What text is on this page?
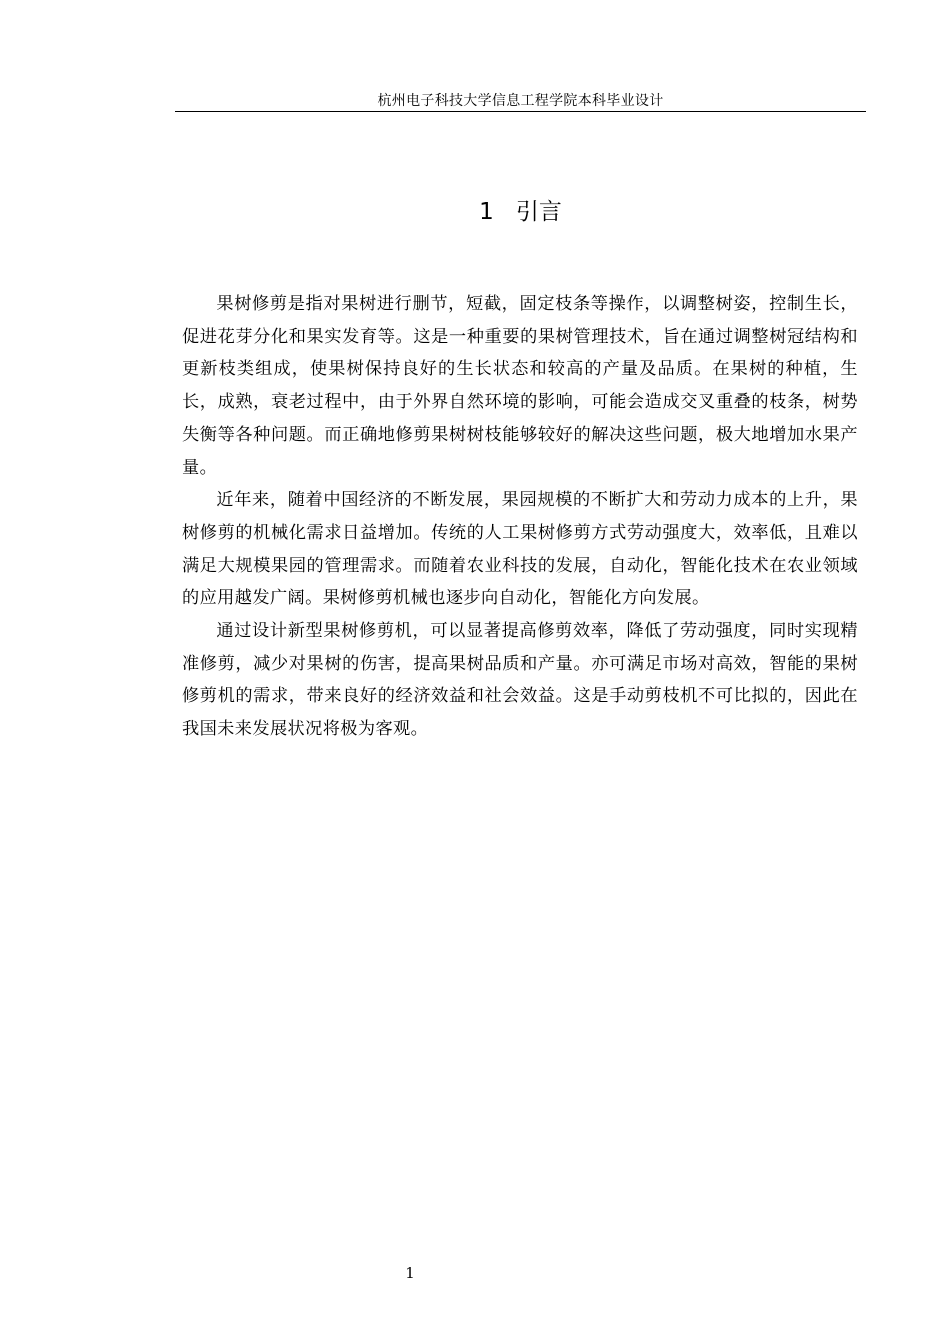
杭州电子科技大学信息工程学院本科毕业设计
1 引言

果树修剪是指对果树进行删节，短截，固定枝条等操作，以调整树姿，控制生长，促进花芽分化和果实发育等。这是一种重要的果树管理技术，旨在通过调整树冠结构和更新枝类组成，使果树保持良好的生长状态和较高的产量及品质。在果树的种植，生长，成熟，衰老过程中，由于外界自然环境的影响，可能会造成交叉重叠的枝条，树势失衡等各种问题。而正确地修剪果树树枝能够较好的解决这些问题，极大地增加水果产量。

近年来，随着中国经济的不断发展，果园规模的不断扩大和劳动力成本的上升，果树修剪的机械化需求日益增加。传统的人工果树修剪方式劳动强度大，效率低，且难以满足大规模果园的管理需求。而随着农业科技的发展，自动化，智能化技术在农业领域的应用越发广阔。果树修剪机械也逐步向自动化，智能化方向发展。

通过设计新型果树修剪机，可以显著提高修剪效率，降低了劳动强度，同时实现精准修剪，减少对果树的伤害，提高果树品质和产量。亦可满足市场对高效，智能的果树修剪机的需求，带来良好的经济效益和社会效益。这是手动剪枝机不可比拟的，因此在我国未来发展状况将极为客观。

1
